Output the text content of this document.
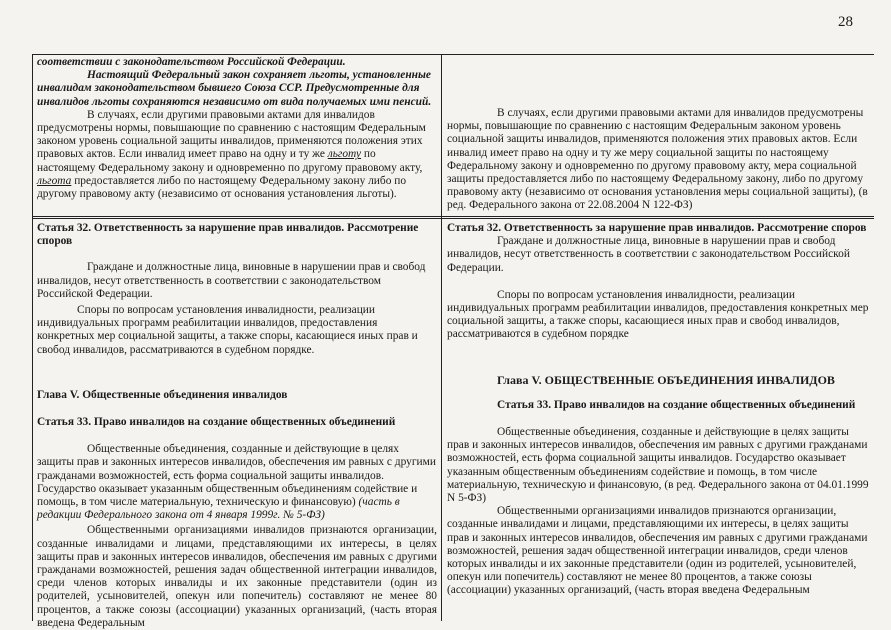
28

соответствии с законодательством Российской Федерации.

Настоящий Федеральный закон сохраняет льготы, установленные инвалидам законодательством бывшего Союза ССР. Предусмотренные для инвалидов льготы сохраняются независимо от вида получаемых ими пенсий.

В случаях, если другими правовыми актами для инвалидов предусмотрены нормы, повышающие по сравнению с настоящим Федеральным законом уровень социальной защиты инвалидов, применяются положения этих правовых актов. Если инвалид имеет право на одну и ту же льготу по настоящему Федеральному закону и одновременно по другому правовому акту, льгота предоставляется либо по настоящему Федеральному закону либо по другому правовому акту (независимо от основания установления льготы).

В случаях, если другими правовыми актами для инвалидов предусмотрены нормы, повышающие по сравнению с настоящим Федеральным законом уровень социальной защиты инвалидов, применяются положения этих правовых актов. Если инвалид имеет право на одну и ту же меру социальной защиты по настоящему Федеральному закону и одновременно по другому правовому акту, мера социальной защиты предоставляется либо по настоящему Федеральному закону, либо по другому правовому акту (независимо от основания установления меры социальной защиты), (в ред. Федерального закона от 22.08.2004 N 122-ФЗ)

Статья 32. Ответственность за нарушение прав инвалидов. Рассмотрение споров

Граждане и должностные лица, виновные в нарушении прав и свобод инвалидов, несут ответственность в соответствии с законодательством Российской Федерации.

Споры по вопросам установления инвалидности, реализации индивидуальных программ реабилитации инвалидов, предоставления конкретных мер социальной защиты, а также споры, касающиеся иных прав и свобод инвалидов, рассматриваются в судебном порядке.

Глава V. Общественные объединения инвалидов

Статья 33. Право инвалидов на создание общественных объединений

Общественные объединения, созданные и действующие в целях защиты прав и законных интересов инвалидов, обеспечения им равных с другими гражданами возможностей, есть форма социальной защиты инвалидов. Государство оказывает указанным общественным объединениям содействие и помощь, в том числе материальную, техническую и финансовую) (часть в редакции Федерального закона от 4 января 1999г. № 5-ФЗ)

Общественными организациями инвалидов признаются организации, созданные инвалидами и лицами, представляющими их интересы, в целях защиты прав и законных интересов инвалидов, обеспечения им равных с другими гражданами возможностей, решения задач общественной интеграции инвалидов, среди членов которых инвалиды и их законные представители (один из родителей, усыновителей, опекун или попечитель) составляют не менее 80 процентов, а также союзы (ассоциации) указанных организаций, (часть вторая введена Федеральным

Статья 32. Ответственность за нарушение прав инвалидов. Рассмотрение споров

Граждане и должностные лица, виновные в нарушении прав и свобод инвалидов, несут ответственность в соответствии с законодательством Российской Федерации.

Споры по вопросам установления инвалидности, реализации индивидуальных программ реабилитации инвалидов, предоставления конкретных мер социальной защиты, а также споры, касающиеся иных прав и свобод инвалидов, рассматриваются в судебном порядке

Глава V. ОБЩЕСТВЕННЫЕ ОБЪЕДИНЕНИЯ ИНВАЛИДОВ

Статья 33. Право инвалидов на создание общественных объединений

Общественные объединения, созданные и действующие в целях защиты прав и законных интересов инвалидов, обеспечения им равных с другими гражданами возможностей, есть форма социальной защиты инвалидов. Государство оказывает указанным общественным объединениям содействие и помощь, в том числе материальную, техническую и финансовую, (в ред. Федерального закона от 04.01.1999 N 5-ФЗ)

Общественными организациями инвалидов признаются организации, созданные инвалидами и лицами, представляющими их интересы, в целях защиты прав и законных интересов инвалидов, обеспечения им равных с другими гражданами возможностей, решения задач общественной интеграции инвалидов, среди членов которых инвалиды и их законные представители (один из родителей, усыновителей, опекун или попечитель) составляют не менее 80 процентов, а также союзы (ассоциации) указанных организаций, (часть вторая введена Федеральным
